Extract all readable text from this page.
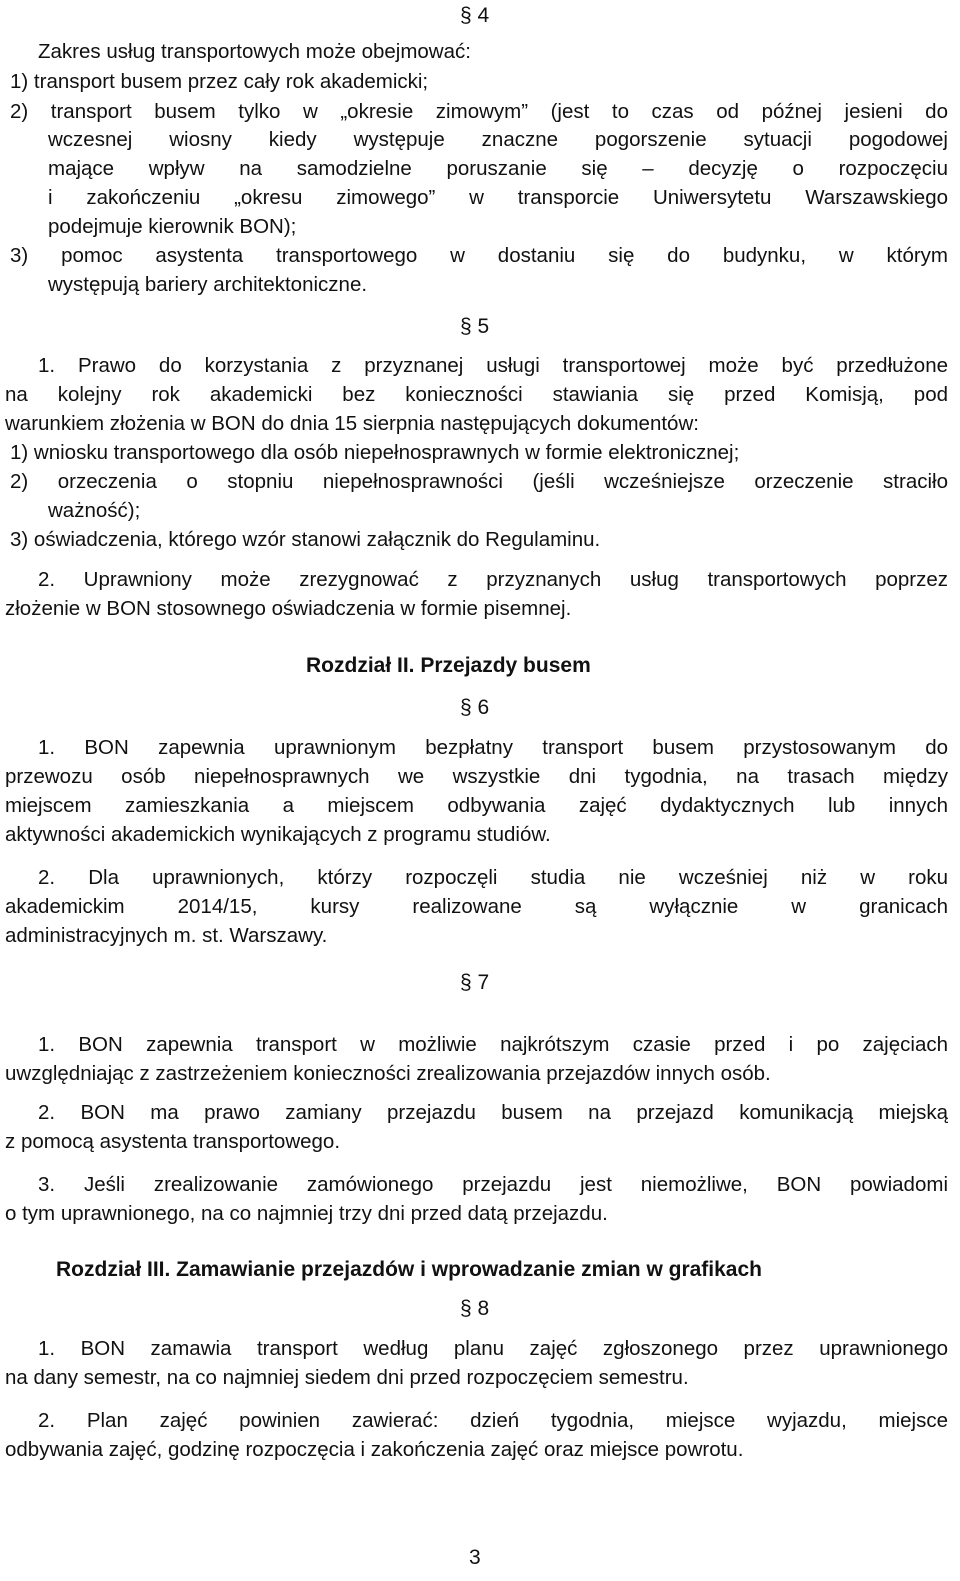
§ 4

Zakres usług transportowych może obejmować:

1) transport busem przez cały rok akademicki;

2) transport busem tylko w „okresie zimowym” (jest to czas od późnej jesieni do

wczesnej wiosny kiedy występuje znaczne pogorszenie sytuacji pogodowej

mające wpływ na samodzielne poruszanie się – decyzję o rozpoczęciu

i zakończeniu „okresu zimowego” w transporcie Uniwersytetu Warszawskiego

podejmuje kierownik BON);

3) pomoc asystenta transportowego w dostaniu się do budynku, w którym

występują bariery architektoniczne.

§ 5

1. Prawo do korzystania z przyznanej usługi transportowej może być przedłużone

na kolejny rok akademicki bez konieczności stawiania się przed Komisją, pod

warunkiem złożenia w BON do dnia 15 sierpnia następujących dokumentów:

1) wniosku transportowego dla osób niepełnosprawnych w formie elektronicznej;

2) orzeczenia o stopniu niepełnosprawności (jeśli wcześniejsze orzeczenie straciło

ważność);

3) oświadczenia, którego wzór stanowi załącznik do Regulaminu.

2. Uprawniony może zrezygnować z przyznanych usług transportowych poprzez

złożenie w BON stosownego oświadczenia w formie pisemnej.

Rozdział II. Przejazdy busem
§ 6

1. BON zapewnia uprawnionym bezpłatny transport busem przystosowanym do

przewozu osób niepełnosprawnych we wszystkie dni tygodnia, na trasach między

miejscem zamieszkania a miejscem odbywania zajęć dydaktycznych lub innych

aktywności akademickich wynikających z programu studiów.

2. Dla uprawnionych, którzy rozpoczęli studia nie wcześniej niż w roku

akademickim 2014/15, kursy realizowane są wyłącznie w granicach

administracyjnych m. st. Warszawy.

§ 7

1. BON zapewnia transport w możliwie najkrótszym czasie przed i po zajęciach

uwzględniając z zastrzeżeniem konieczności zrealizowania przejazdów innych osób.

2. BON ma prawo zamiany przejazdu busem na przejazd komunikacją miejską

z pomocą asystenta transportowego.

3. Jeśli zrealizowanie zamówionego przejazdu jest niemożliwe, BON powiadomi

o tym uprawnionego, na co najmniej trzy dni przed datą przejazdu.

Rozdział III. Zamawianie przejazdów i wprowadzanie zmian w grafikach
§ 8

1. BON zamawia transport według planu zajęć zgłoszonego przez uprawnionego

na dany semestr, na co najmniej siedem dni przed rozpoczęciem semestru.

2. Plan zajęć powinien zawierać: dzień tygodnia, miejsce wyjazdu, miejsce

odbywania zajęć, godzinę rozpoczęcia i zakończenia zajęć oraz miejsce powrotu.

3
